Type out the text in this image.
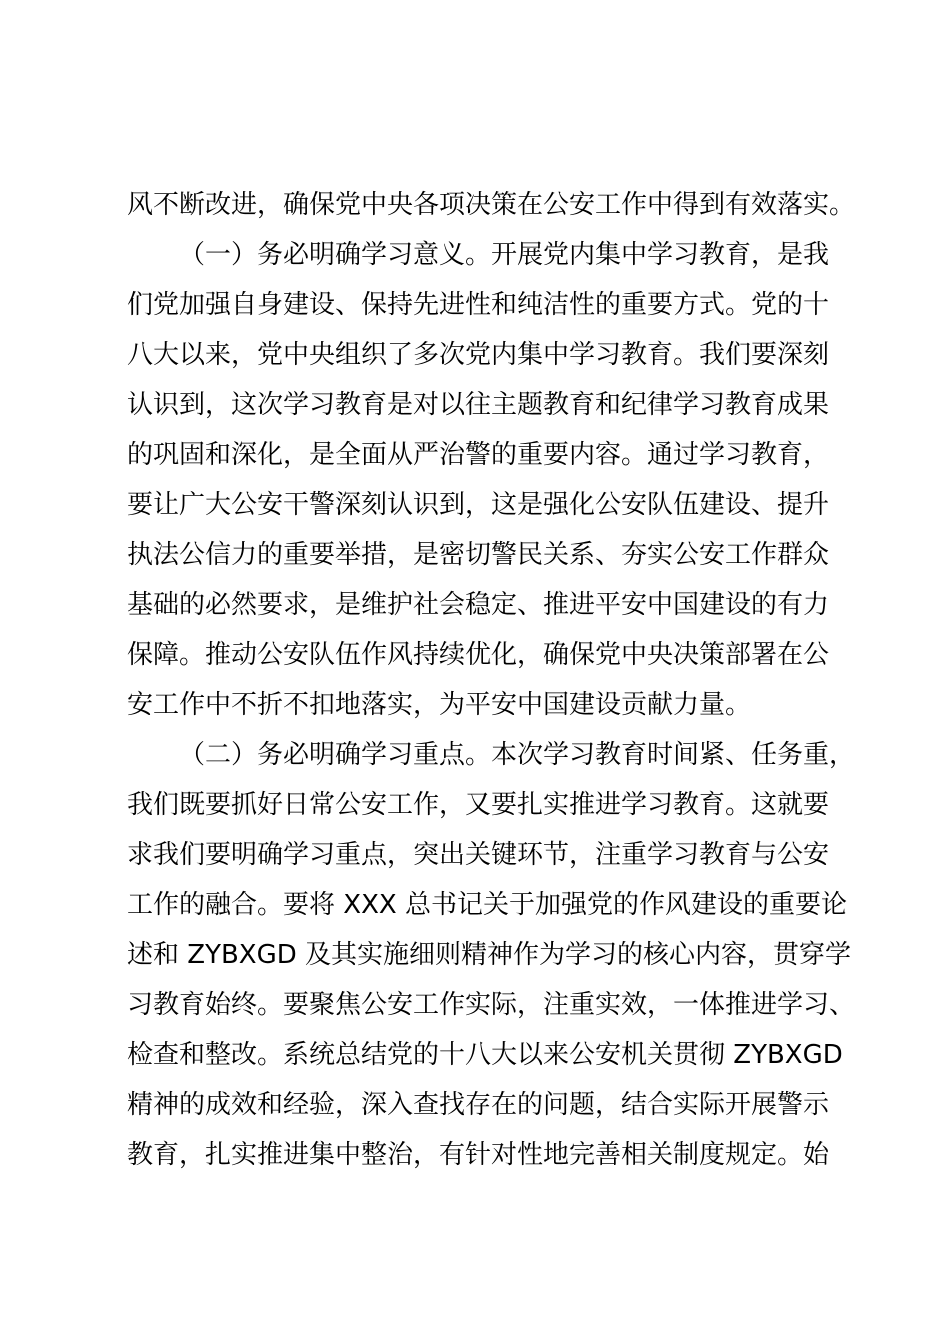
风不断改进，确保党中央各项决策在公安工作中得到有效落实。
（一）务必明确学习意义。开展党内集中学习教育，是我
们党加强自身建设、保持先进性和纯洁性的重要方式。党的十
八大以来，党中央组织了多次党内集中学习教育。我们要深刻
认识到，这次学习教育是对以往主题教育和纪律学习教育成果
的巩固和深化，是全面从严治警的重要内容。通过学习教育，
要让广大公安干警深刻认识到，这是强化公安队伍建设、提升
执法公信力的重要举措，是密切警民关系、夯实公安工作群众
基础的必然要求，是维护社会稳定、推进平安中国建设的有力
保障。推动公安队伍作风持续优化，确保党中央决策部署在公
安工作中不折不扣地落实，为平安中国建设贡献力量。
（二）务必明确学习重点。本次学习教育时间紧、任务重，
我们既要抓好日常公安工作，又要扎实推进学习教育。这就要
求我们要明确学习重点，突出关键环节，注重学习教育与公安
工作的融合。要将 XXX 总书记关于加强党的作风建设的重要论
述和 ZYBXGD 及其实施细则精神作为学习的核心内容，贯穿学
习教育始终。要聚焦公安工作实际，注重实效，一体推进学习、
检查和整改。系统总结党的十八大以来公安机关贯彻 ZYBXGD
精神的成效和经验，深入查找存在的问题，结合实际开展警示
教育，扎实推进集中整治，有针对性地完善相关制度规定。始
